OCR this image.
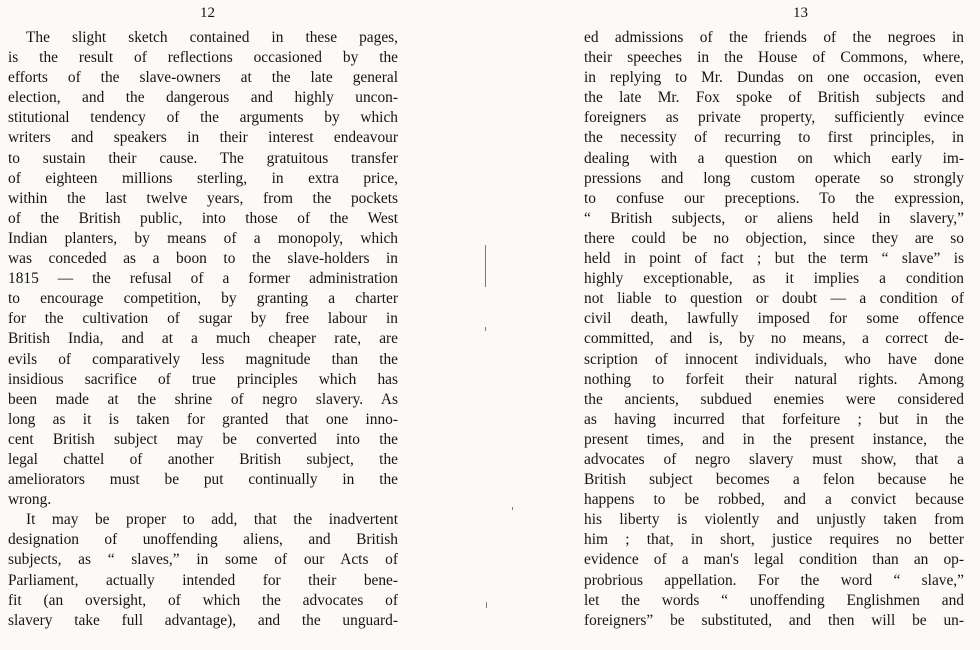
12
The slight sketch contained in these pages,
is the result of reflections occasioned by the
efforts of the slave-owners at the late general
election, and the dangerous and highly uncon-
stitutional tendency of the arguments by which
writers and speakers in their interest endeavour
to sustain their cause. The gratuitous transfer
of eighteen millions sterling, in extra price,
within the last twelve years, from the pockets
of the British public, into those of the West
Indian planters, by means of a monopoly, which
was conceded as a boon to the slave-holders in
1815 — the refusal of a former administration
to encourage competition, by granting a charter
for the cultivation of sugar by free labour in
British India, and at a much cheaper rate, are
evils of comparatively less magnitude than the
insidious sacrifice of true principles which has
been made at the shrine of negro slavery. As
long as it is taken for granted that one inno-
cent British subject may be converted into the
legal chattel of another British subject, the
ameliorators must be put continually in the
wrong.
It may be proper to add, that the inadvertent
designation of unoffending aliens, and British
subjects, as “ slaves,” in some of our Acts of
Parliament, actually intended for their bene-
fit (an oversight, of which the advocates of
slavery take full advantage), and the unguard-
13
ed admissions of the friends of the negroes in
their speeches in the House of Commons, where,
in replying to Mr. Dundas on one occasion, even
the late Mr. Fox spoke of British subjects and
foreigners as private property, sufficiently evince
the necessity of recurring to first principles, in
dealing with a question on which early im-
pressions and long custom operate so strongly
to confuse our preceptions. To the expression,
“ British subjects, or aliens held in slavery,”
there could be no objection, since they are so
held in point of fact ; but the term “ slave” is
highly exceptionable, as it implies a condition
not liable to question or doubt — a condition of
civil death, lawfully imposed for some offence
committed, and is, by no means, a correct de-
scription of innocent individuals, who have done
nothing to forfeit their natural rights. Among
the ancients, subdued enemies were considered
as having incurred that forfeiture ; but in the
present times, and in the present instance, the
advocates of negro slavery must show, that a
British subject becomes a felon because he
happens to be robbed, and a convict because
his liberty is violently and unjustly taken from
him ; that, in short, justice requires no better
evidence of a man's legal condition than an op-
probrious appellation. For the word “ slave,”
let the words “ unoffending Englishmen and
foreigners” be substituted, and then will be un-
